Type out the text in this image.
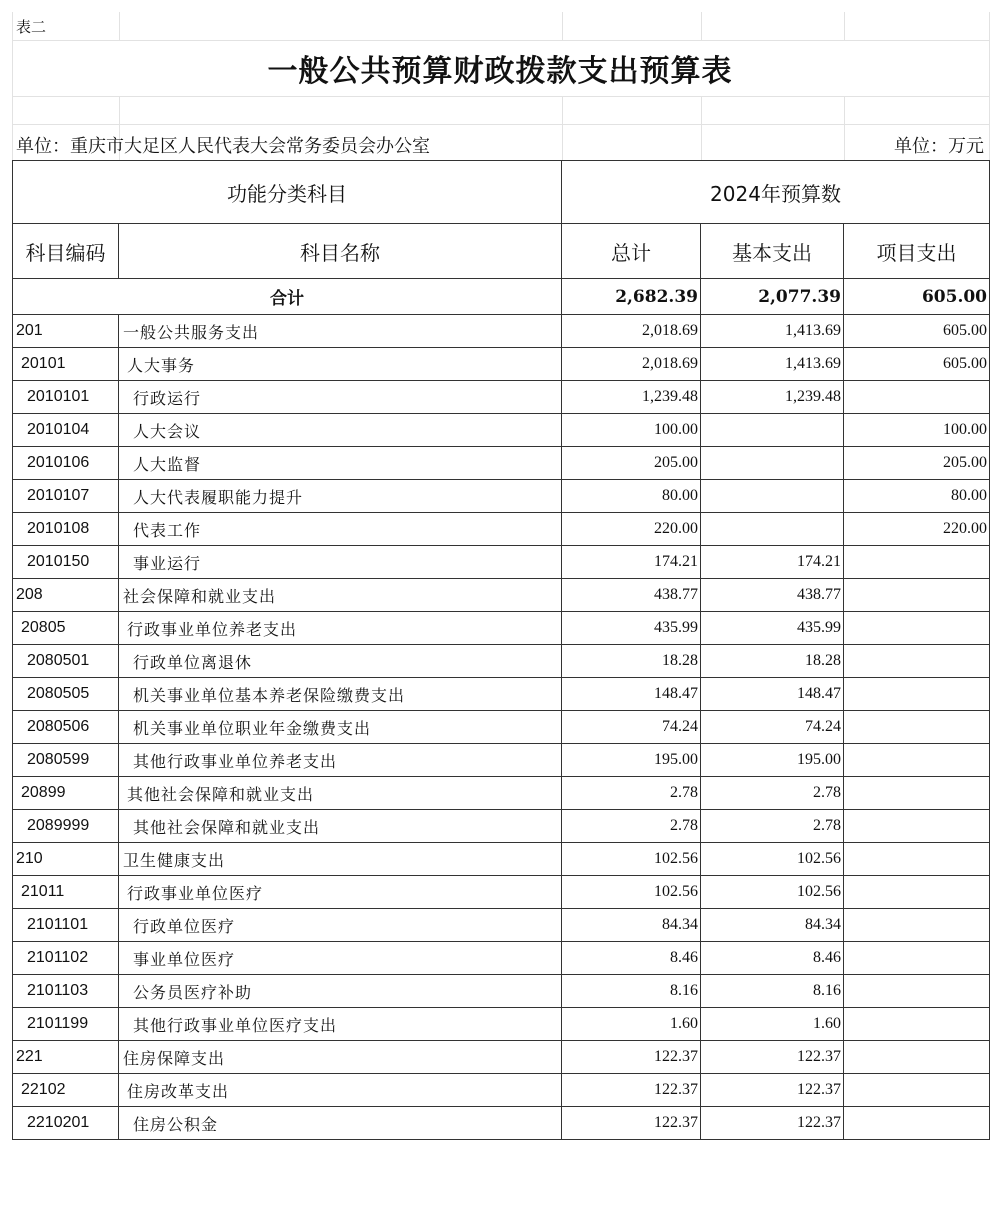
表二
一般公共预算财政拨款支出预算表
单位：重庆市大足区人民代表大会常务委员会办公室	单位：万元
功能分类科目		2024年预算数		
科目编码	科目名称	总计	基本支出	项目支出
合计		2,682.39	2,077.39	605.00
201	一般公共服务支出	2,018.69	1,413.69	605.00
20101	人大事务	2,018.69	1,413.69	605.00
2010101	行政运行	1,239.48	1,239.48	
2010104	人大会议	100.00		100.00
2010106	人大监督	205.00		205.00
2010107	人大代表履职能力提升	80.00		80.00
2010108	代表工作	220.00		220.00
2010150	事业运行	174.21	174.21	
208	社会保障和就业支出	438.77	438.77	
20805	行政事业单位养老支出	435.99	435.99	
2080501	行政单位离退休	18.28	18.28	
2080505	机关事业单位基本养老保险缴费支出	148.47	148.47	
2080506	机关事业单位职业年金缴费支出	74.24	74.24	
2080599	其他行政事业单位养老支出	195.00	195.00	
20899	其他社会保障和就业支出	2.78	2.78	
2089999	其他社会保障和就业支出	2.78	2.78	
210	卫生健康支出	102.56	102.56	
21011	行政事业单位医疗	102.56	102.56	
2101101	行政单位医疗	84.34	84.34	
2101102	事业单位医疗	8.46	8.46	
2101103	公务员医疗补助	8.16	8.16	
2101199	其他行政事业单位医疗支出	1.60	1.60	
221	住房保障支出	122.37	122.37	
22102	住房改革支出	122.37	122.37	
2210201	住房公积金	122.37	122.37	
